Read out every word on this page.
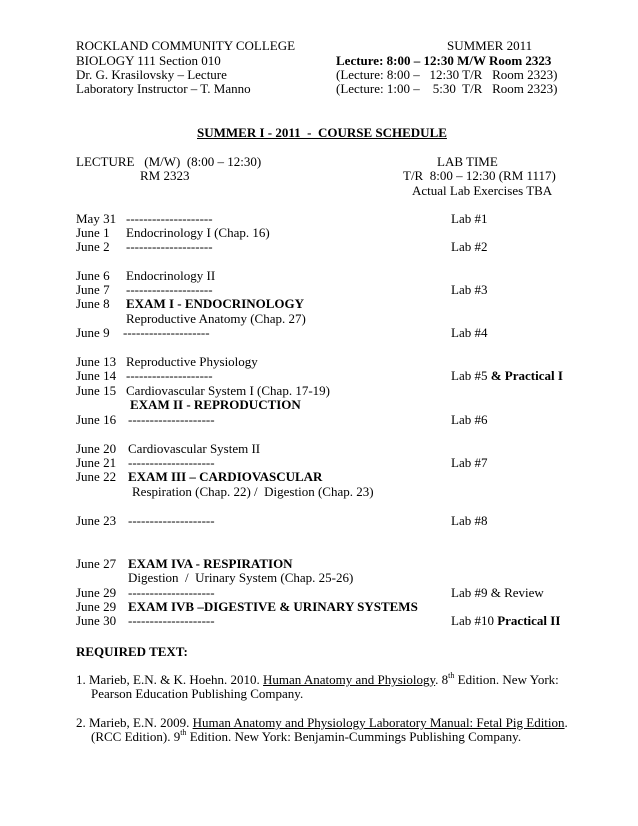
ROCKLAND COMMUNITY COLLEGE	SUMMER 2011
BIOLOGY 111 Section 010	Lecture: 8:00 – 12:30 M/W Room 2323
Dr. G. Krasilovsky – Lecture	(Lecture: 8:00 –   12:30 T/R   Room 2323)
Laboratory Instructor – T. Manno	(Lecture: 1:00 –    5:30  T/R   Room 2323)
SUMMER I - 2011  -  COURSE SCHEDULE
LECTURE   (M/W)  (8:00 – 12:30)
RM 2323
LAB TIME
T/R  8:00 – 12:30 (RM 1117)
Actual Lab Exercises TBA
May 31 --------------------	Lab #1
June 1 Endocrinology I (Chap. 16)
June 2 --------------------	Lab #2
June 6 Endocrinology II
June 7 --------------------	Lab #3
June 8 EXAM I - ENDOCRINOLOGY
Reproductive Anatomy (Chap. 27)
June 9 --------------------	Lab #4
June 13 Reproductive Physiology
June 14 --------------------	Lab #5 & Practical I
June 15 Cardiovascular System I (Chap. 17-19)
EXAM II - REPRODUCTION
June 16 --------------------	Lab #6
June 20 Cardiovascular System II
June 21 --------------------	Lab #7
June 22 EXAM III – CARDIOVASCULAR
Respiration (Chap. 22) /  Digestion (Chap. 23)
June 23 --------------------	Lab #8
June 27 EXAM IVA - RESPIRATION
Digestion  /  Urinary System (Chap. 25-26)
June 29 --------------------	Lab #9 & Review
June 29 EXAM IVB –DIGESTIVE & URINARY SYSTEMS
June 30 --------------------	Lab #10 Practical II
REQUIRED TEXT:
1. Marieb, E.N. & K. Hoehn. 2010. Human Anatomy and Physiology. 8th Edition. New York:
Pearson Education Publishing Company.
2. Marieb, E.N. 2009. Human Anatomy and Physiology Laboratory Manual: Fetal Pig Edition.
(RCC Edition). 9th Edition. New York: Benjamin-Cummings Publishing Company.
